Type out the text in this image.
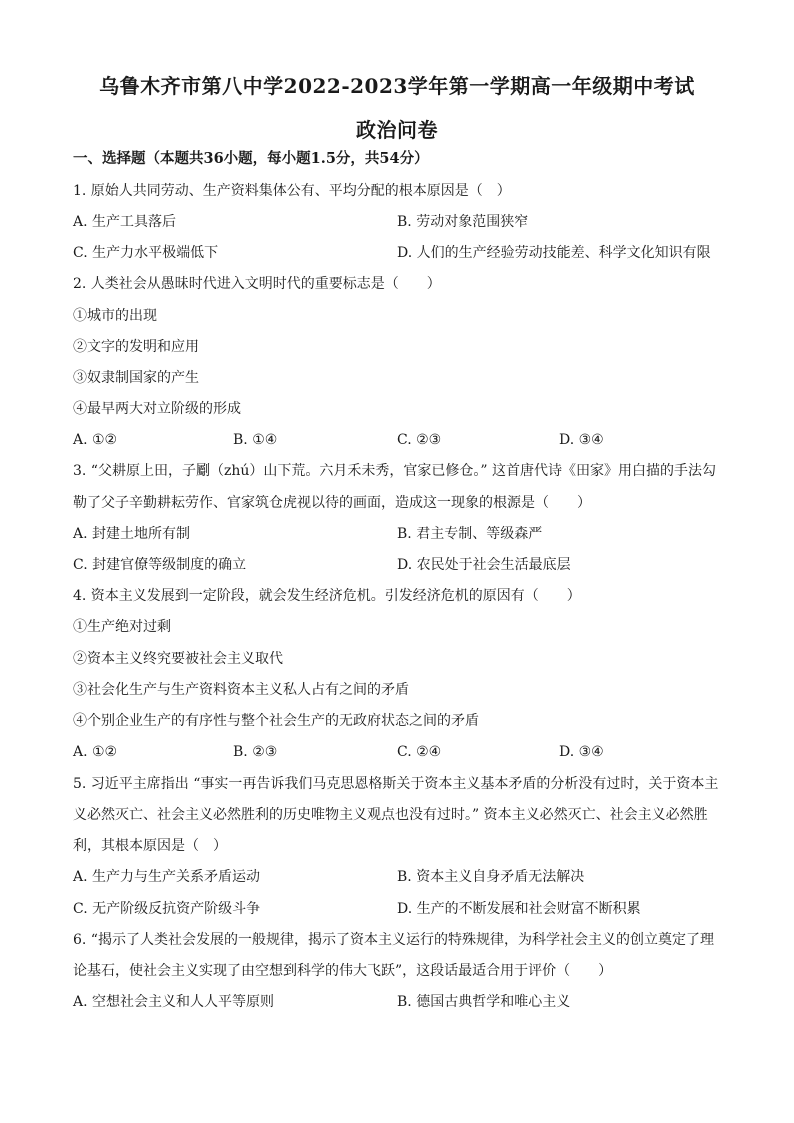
乌鲁木齐市第八中学2022-2023学年第一学期高一年级期中考试
政治问卷
一、选择题（本题共36小题，每小题1.5分，共54分）
1. 原始人共同劳动、生产资料集体公有、平均分配的根本原因是（　）
A. 生产工具落后	B. 劳动对象范围狭窄
C. 生产力水平极端低下	D. 人们的生产经验劳动技能差、科学文化知识有限
2. 人类社会从愚昧时代进入文明时代的重要标志是（　　）
①城市的出现
②文字的发明和应用
③奴隶制国家的产生
④最早两大对立阶级的形成
A. ①②	B. ①④	C. ②③	D. ③④
3. “父耕原上田，子劚（zhú）山下荒。六月禾未秀，官家已修仓。” 这首唐代诗《田家》用白描的手法勾
勒了父子辛勤耕耘劳作、官家筑仓虎视以待的画面，造成这一现象的根源是（　　）
A. 封建土地所有制	B. 君主专制、等级森严
C. 封建官僚等级制度的确立	D. 农民处于社会生活最底层
4. 资本主义发展到一定阶段，就会发生经济危机。引发经济危机的原因有（　　）
①生产绝对过剩
②资本主义终究要被社会主义取代
③社会化生产与生产资料资本主义私人占有之间的矛盾
④个别企业生产的有序性与整个社会生产的无政府状态之间的矛盾
A. ①②	B. ②③	C. ②④	D. ③④
5. 习近平主席指出 “事实一再告诉我们马克思恩格斯关于资本主义基本矛盾的分析没有过时，关于资本主
义必然灭亡、社会主义必然胜利的历史唯物主义观点也没有过时。” 资本主义必然灭亡、社会主义必然胜
利，其根本原因是（　）
A. 生产力与生产关系矛盾运动	B. 资本主义自身矛盾无法解决
C. 无产阶级反抗资产阶级斗争	D. 生产的不断发展和社会财富不断积累
6. “揭示了人类社会发展的一般规律，揭示了资本主义运行的特殊规律，为科学社会主义的创立奠定了理
论基石，使社会主义实现了由空想到科学的伟大飞跃”，这段话最适合用于评价（　　）
A. 空想社会主义和人人平等原则	B. 德国古典哲学和唯心主义
